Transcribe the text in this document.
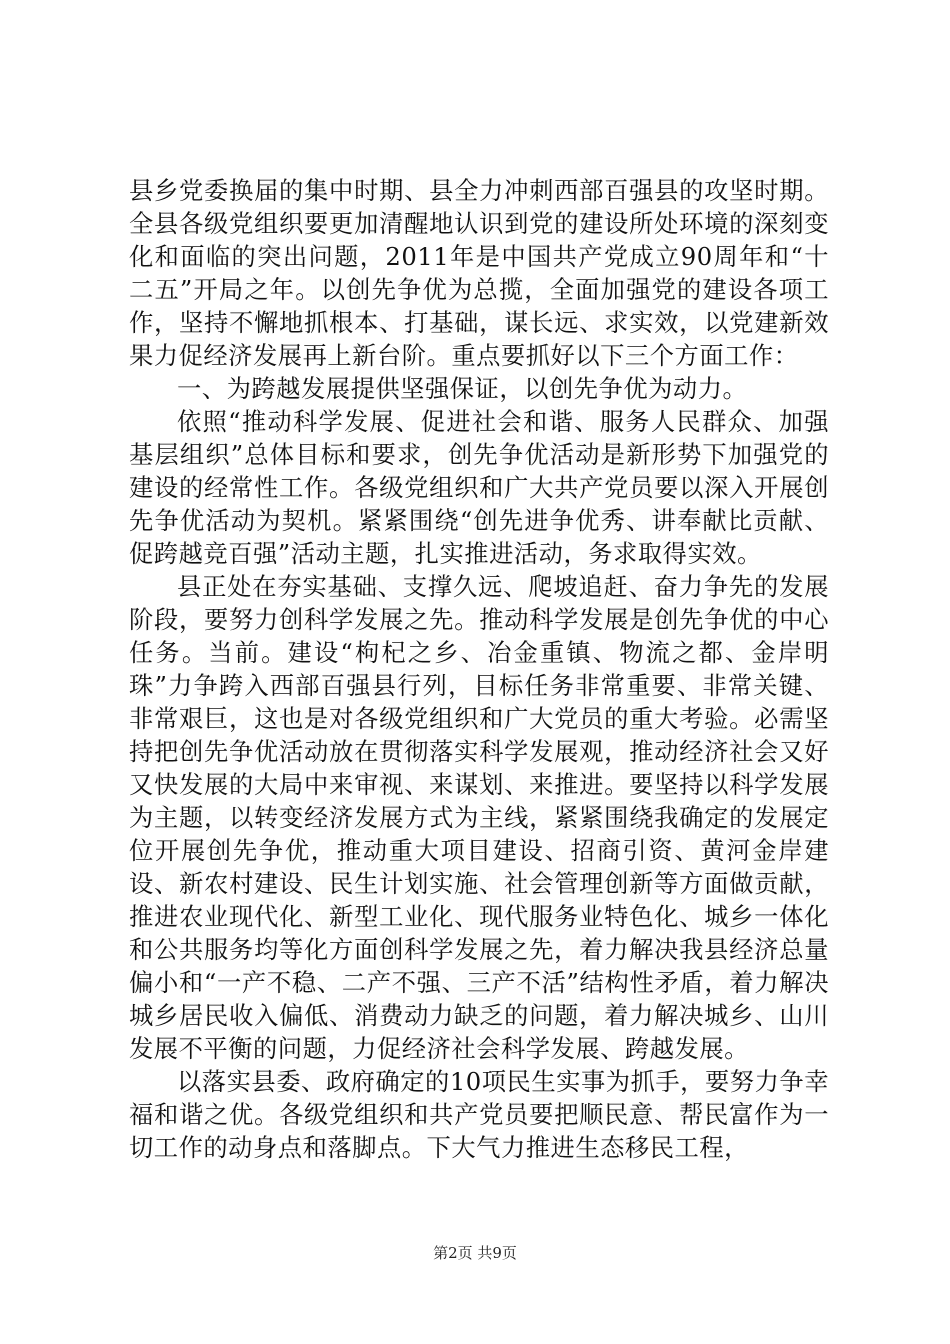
县乡党委换届的集中时期、县全力冲刺西部百强县的攻坚时期。全县各级党组织要更加清醒地认识到党的建设所处环境的深刻变化和面临的突出问题，2011年是中国共产党成立90周年和“十二五”开局之年。以创先争优为总揽，全面加强党的建设各项工作，坚持不懈地抓根本、打基础，谋长远、求实效，以党建新效果力促经济发展再上新台阶。重点要抓好以下三个方面工作：

一、为跨越发展提供坚强保证，以创先争优为动力。

依照“推动科学发展、促进社会和谐、服务人民群众、加强基层组织”总体目标和要求，创先争优活动是新形势下加强党的建设的经常性工作。各级党组织和广大共产党员要以深入开展创先争优活动为契机。紧紧围绕“创先进争优秀、讲奉献比贡献、促跨越竞百强”活动主题，扎实推进活动，务求取得实效。

县正处在夯实基础、支撑久远、爬坡追赶、奋力争先的发展阶段，要努力创科学发展之先。推动科学发展是创先争优的中心任务。当前。建设“枸杞之乡、冶金重镇、物流之都、金岸明珠”力争跨入西部百强县行列，目标任务非常重要、非常关键、非常艰巨，这也是对各级党组织和广大党员的重大考验。必需坚持把创先争优活动放在贯彻落实科学发展观，推动经济社会又好又快发展的大局中来审视、来谋划、来推进。要坚持以科学发展为主题，以转变经济发展方式为主线，紧紧围绕我确定的发展定位开展创先争优，推动重大项目建设、招商引资、黄河金岸建设、新农村建设、民生计划实施、社会管理创新等方面做贡献，推进农业现代化、新型工业化、现代服务业特色化、城乡一体化和公共服务均等化方面创科学发展之先，着力解决我县经济总量偏小和“一产不稳、二产不强、三产不活”结构性矛盾，着力解决城乡居民收入偏低、消费动力缺乏的问题，着力解决城乡、山川发展不平衡的问题，力促经济社会科学发展、跨越发展。

以落实县委、政府确定的10项民生实事为抓手，要努力争幸福和谐之优。各级党组织和共产党员要把顺民意、帮民富作为一切工作的动身点和落脚点。下大气力推进生态移民工程，

第2页 共9页
